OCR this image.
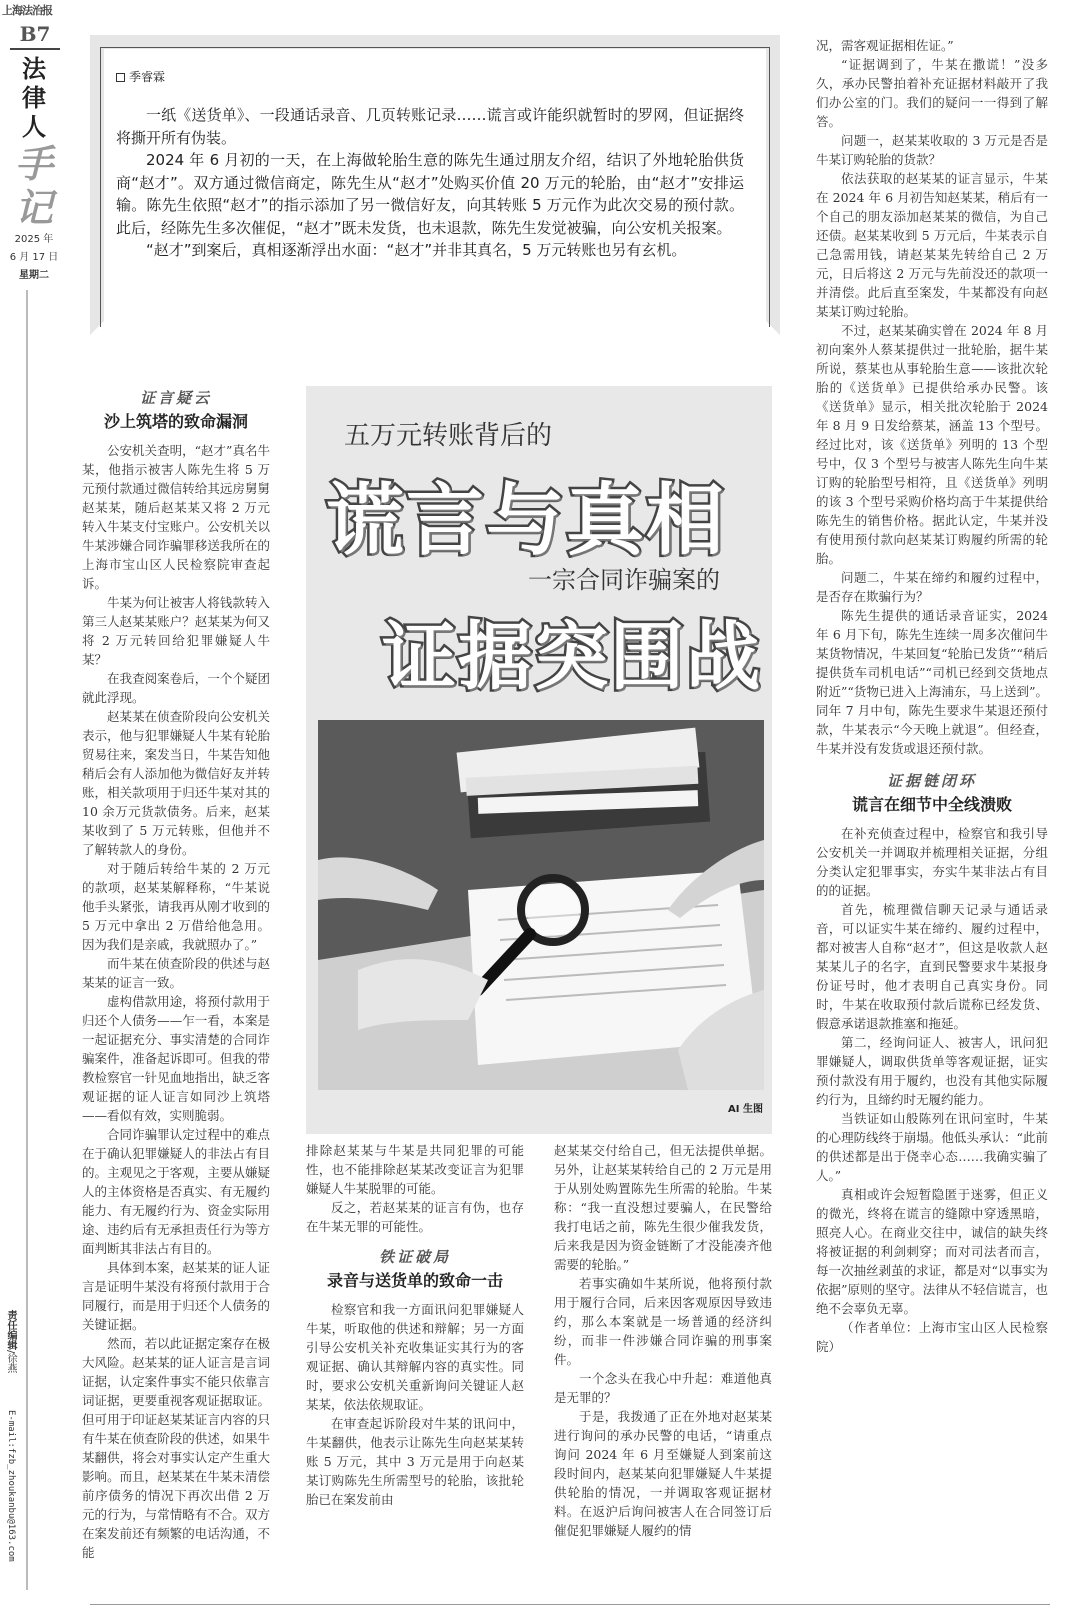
上海法治报
B7
法
律
人
手
记
2025 年
6 月 17 日
星期二
责任编辑/徐燕
E-mail:fzb_zhoukanbu@163.com
季睿霖

一纸《送货单》、一段通话录音、几页转账记录……谎言或许能织就暂时的罗网，但证据终将撕开所有伪装。

2024 年 6 月初的一天，在上海做轮胎生意的陈先生通过朋友介绍，结识了外地轮胎供货商“赵才”。双方通过微信商定，陈先生从“赵才”处购买价值 20 万元的轮胎，由“赵才”安排运输。陈先生依照“赵才”的指示添加了另一微信好友，向其转账 5 万元作为此次交易的预付款。此后，经陈先生多次催促，“赵才”既未发货，也未退款，陈先生发觉被骗，向公安机关报案。

“赵才”到案后，真相逐渐浮出水面：“赵才”并非其真名，5 万元转账也另有玄机。

证言疑云
沙上筑塔的致命漏洞

公安机关查明，“赵才”真名牛某，他指示被害人陈先生将 5 万元预付款通过微信转给其远房舅舅赵某某，随后赵某某又将 2 万元转入牛某支付宝账户。公安机关以牛某涉嫌合同诈骗罪移送我所在的上海市宝山区人民检察院审查起诉。

牛某为何让被害人将钱款转入第三人赵某某账户？赵某某为何又将 2 万元转回给犯罪嫌疑人牛某？

在我查阅案卷后，一个个疑团就此浮现。

赵某某在侦查阶段向公安机关表示，他与犯罪嫌疑人牛某有轮胎贸易往来，案发当日，牛某告知他稍后会有人添加他为微信好友并转账，相关款项用于归还牛某对其的 10 余万元货款债务。后来，赵某某收到了 5 万元转账，但他并不了解转款人的身份。

对于随后转给牛某的 2 万元的款项，赵某某解释称，“牛某说他手头紧张，请我再从刚才收到的 5 万元中拿出 2 万借给他急用。因为我们是亲戚，我就照办了。”

而牛某在侦查阶段的供述与赵某某的证言一致。

虚构借款用途，将预付款用于归还个人债务——乍一看，本案是一起证据充分、事实清楚的合同诈骗案件，准备起诉即可。但我的带教检察官一针见血地指出，缺乏客观证据的证人证言如同沙上筑塔——看似有效，实则脆弱。

合同诈骗罪认定过程中的难点在于确认犯罪嫌疑人的非法占有目的。主观见之于客观，主要从嫌疑人的主体资格是否真实、有无履约能力、有无履约行为、资金实际用途、违约后有无承担责任行为等方面判断其非法占有目的。

具体到本案，赵某某的证人证言是证明牛某没有将预付款用于合同履行，而是用于归还个人债务的关键证据。

然而，若以此证据定案存在极大风险。赵某某的证人证言是言词证据，认定案件事实不能只依靠言词证据，更要重视客观证据取证。但可用于印证赵某某证言内容的只有牛某在侦查阶段的供述，如果牛某翻供，将会对事实认定产生重大影响。而且，赵某某在牛某未清偿前序债务的情况下再次出借 2 万元的行为，与常情略有不合。双方在案发前还有频繁的电话沟通，不能

五万元转账背后的
谎言与真相
一宗合同诈骗案的
证据突围战
AI 生图

排除赵某某与牛某是共同犯罪的可能性，也不能排除赵某某改变证言为犯罪嫌疑人牛某脱罪的可能。

反之，若赵某某的证言有伪，也存在牛某无罪的可能性。

铁证破局
录音与送货单的致命一击

检察官和我一方面讯问犯罪嫌疑人牛某，听取他的供述和辩解；另一方面引导公安机关补充收集证实其行为的客观证据、确认其辩解内容的真实性。同时，要求公安机关重新询问关键证人赵某某，依法依规取证。

在审查起诉阶段对牛某的讯问中，牛某翻供，他表示让陈先生向赵某某转账 5 万元，其中 3 万元是用于向赵某某订购陈先生所需型号的轮胎，该批轮胎已在案发前由

赵某某交付给自己，但无法提供单据。另外，让赵某某转给自己的 2 万元是用于从别处购置陈先生所需的轮胎。牛某称：“我一直没想过要骗人，在民警给我打电话之前，陈先生很少催我发货，后来我是因为资金链断了才没能凑齐他需要的轮胎。”

若事实确如牛某所说，他将预付款用于履行合同，后来因客观原因导致违约，那么本案就是一场普通的经济纠纷，而非一件涉嫌合同诈骗的刑事案件。

一个念头在我心中升起：难道他真是无罪的？

于是，我拨通了正在外地对赵某某进行询问的承办民警的电话，“请重点询问 2024 年 6 月至嫌疑人到案前这段时间内，赵某某向犯罪嫌疑人牛某提供轮胎的情况，一并调取客观证据材料。在返沪后询问被害人在合同签订后催促犯罪嫌疑人履约的情

况，需客观证据相佐证。”

“证据调到了，牛某在撒谎！”没多久，承办民警拍着补充证据材料敲开了我们办公室的门。我们的疑问一一得到了解答。

问题一，赵某某收取的 3 万元是否是牛某订购轮胎的货款？

依法获取的赵某某的证言显示，牛某在 2024 年 6 月初告知赵某某，稍后有一个自己的朋友添加赵某某的微信，为自己还债。赵某某收到 5 万元后，牛某表示自己急需用钱，请赵某某先转给自己 2 万元，日后将这 2 万元与先前没还的款项一并清偿。此后直至案发，牛某都没有向赵某某订购过轮胎。

不过，赵某某确实曾在 2024 年 8 月初向案外人蔡某提供过一批轮胎，据牛某所说，蔡某也从事轮胎生意——该批次轮胎的《送货单》已提供给承办民警。该《送货单》显示，相关批次轮胎于 2024 年 8 月 9 日发给蔡某，涵盖 13 个型号。经过比对，该《送货单》列明的 13 个型号中，仅 3 个型号与被害人陈先生向牛某订购的轮胎型号相符，且《送货单》列明的该 3 个型号采购价格均高于牛某提供给陈先生的销售价格。据此认定，牛某并没有使用预付款向赵某某订购履约所需的轮胎。

问题二，牛某在缔约和履约过程中，是否存在欺骗行为？

陈先生提供的通话录音证实，2024 年 6 月下旬，陈先生连续一周多次催问牛某货物情况，牛某回复“轮胎已发货”“稍后提供货车司机电话”“司机已经到交货地点附近”“货物已进入上海浦东，马上送到”。同年 7 月中旬，陈先生要求牛某退还预付款，牛某表示“今天晚上就退”。但经查，牛某并没有发货或退还预付款。

证据链闭环
谎言在细节中全线溃败

在补充侦查过程中，检察官和我引导公安机关一并调取并梳理相关证据，分组分类认定犯罪事实，夯实牛某非法占有目的的证据。

首先，梳理微信聊天记录与通话录音，可以证实牛某在缔约、履约过程中，都对被害人自称“赵才”，但这是收款人赵某某儿子的名字，直到民警要求牛某报身份证号时，他才表明自己真实身份。同时，牛某在收取预付款后谎称已经发货、假意承诺退款推塞和拖延。

第二，经询问证人、被害人，讯问犯罪嫌疑人，调取供货单等客观证据，证实预付款没有用于履约，也没有其他实际履约行为，且缔约时无履约能力。

当铁证如山般陈列在讯问室时，牛某的心理防线终于崩塌。他低头承认：“此前的供述都是出于侥幸心态……我确实骗了人。”

真相或许会短暂隐匿于迷雾，但正义的微光，终将在谎言的缝隙中穿透黑暗，照亮人心。在商业交往中，诚信的缺失终将被证据的利剑刺穿；而对司法者而言，每一次抽丝剥茧的求证，都是对“以事实为依据”原则的坚守。法律从不轻信谎言，也绝不会辜负无辜。

（作者单位：上海市宝山区人民检察院）
